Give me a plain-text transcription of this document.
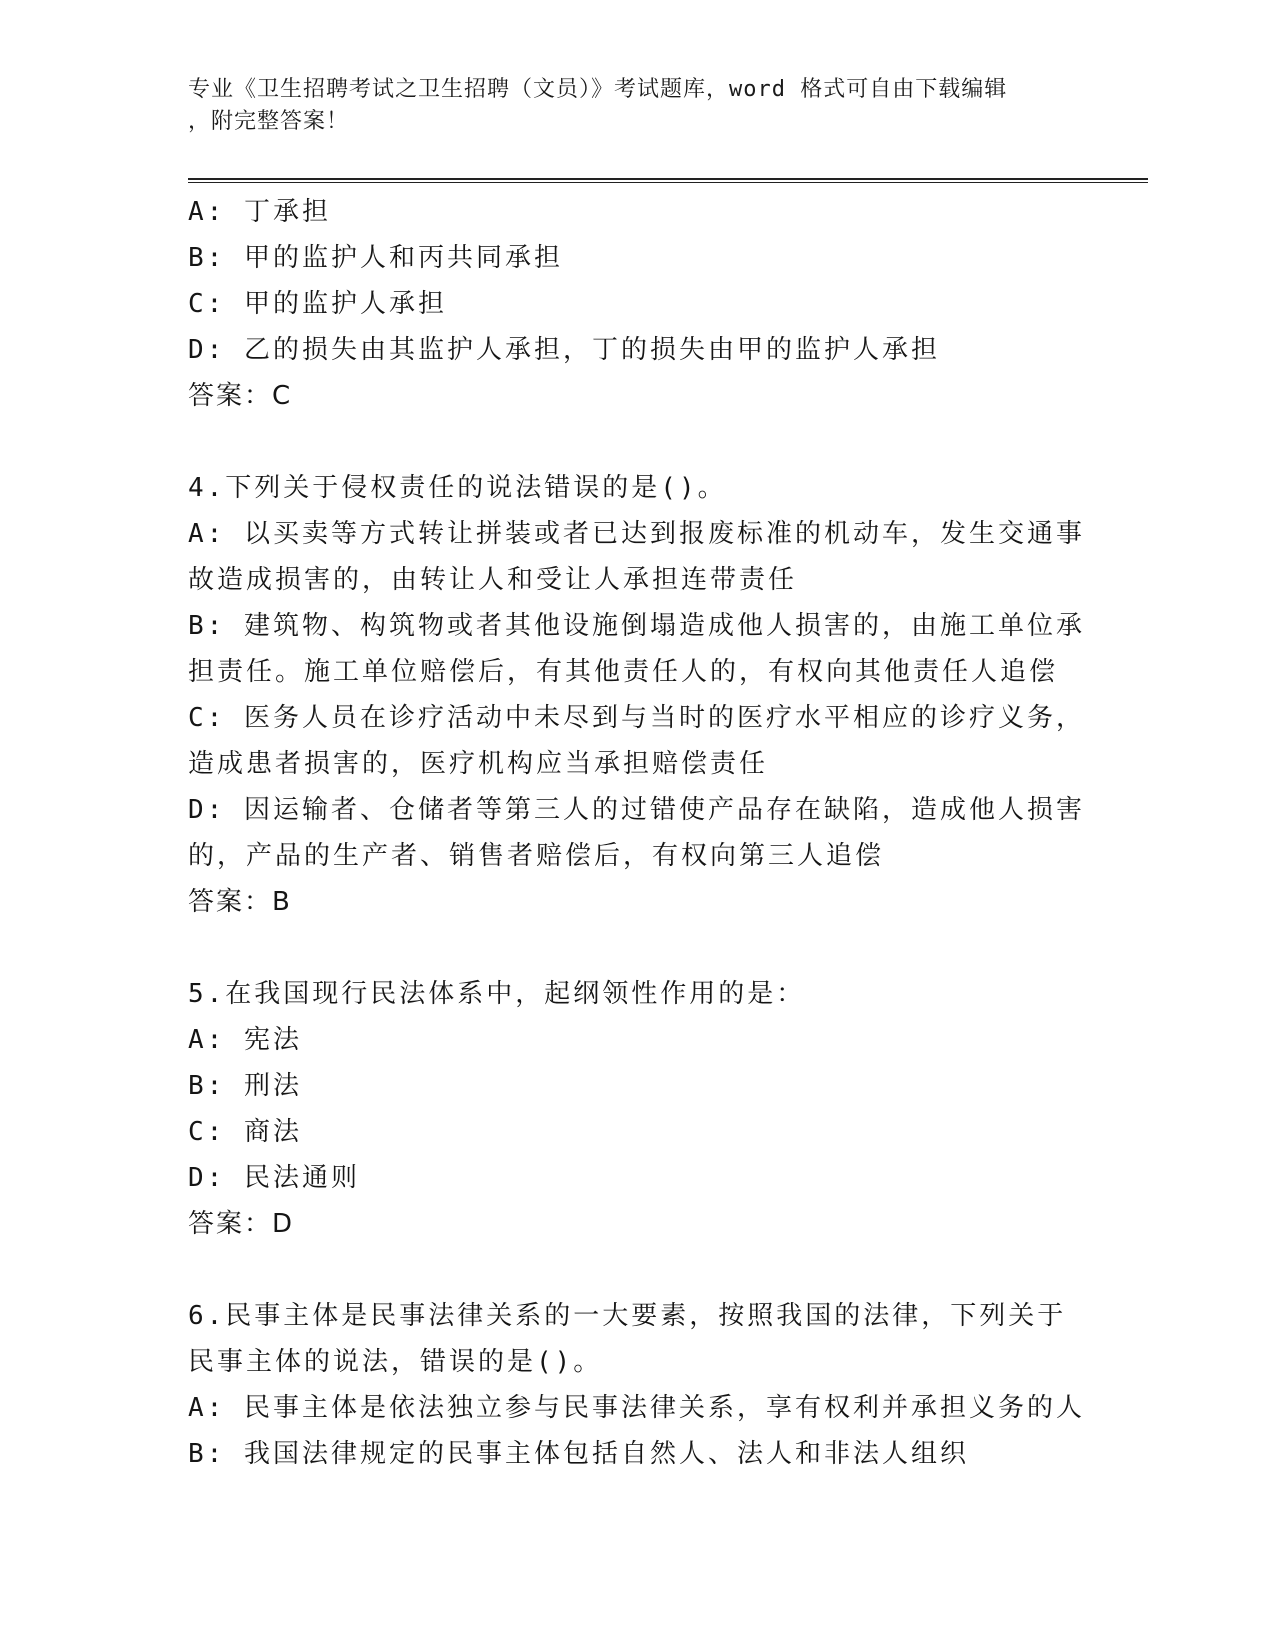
专业《卫生招聘考试之卫生招聘（文员）》考试题库，word 格式可自由下载编辑
，附完整答案！
A: 丁承担
B: 甲的监护人和丙共同承担
C: 甲的监护人承担
D: 乙的损失由其监护人承担，丁的损失由甲的监护人承担
答案：C
4.下列关于侵权责任的说法错误的是()。
A: 以买卖等方式转让拼装或者已达到报废标准的机动车，发生交通事
故造成损害的，由转让人和受让人承担连带责任
B: 建筑物、构筑物或者其他设施倒塌造成他人损害的，由施工单位承
担责任。施工单位赔偿后，有其他责任人的，有权向其他责任人追偿
C: 医务人员在诊疗活动中未尽到与当时的医疗水平相应的诊疗义务，
造成患者损害的，医疗机构应当承担赔偿责任
D: 因运输者、仓储者等第三人的过错使产品存在缺陷，造成他人损害
的，产品的生产者、销售者赔偿后，有权向第三人追偿
答案：B
5.在我国现行民法体系中，起纲领性作用的是：
A: 宪法
B: 刑法
C: 商法
D: 民法通则
答案：D
6.民事主体是民事法律关系的一大要素，按照我国的法律，下列关于
民事主体的说法，错误的是()。
A: 民事主体是依法独立参与民事法律关系，享有权利并承担义务的人
B: 我国法律规定的民事主体包括自然人、法人和非法人组织
